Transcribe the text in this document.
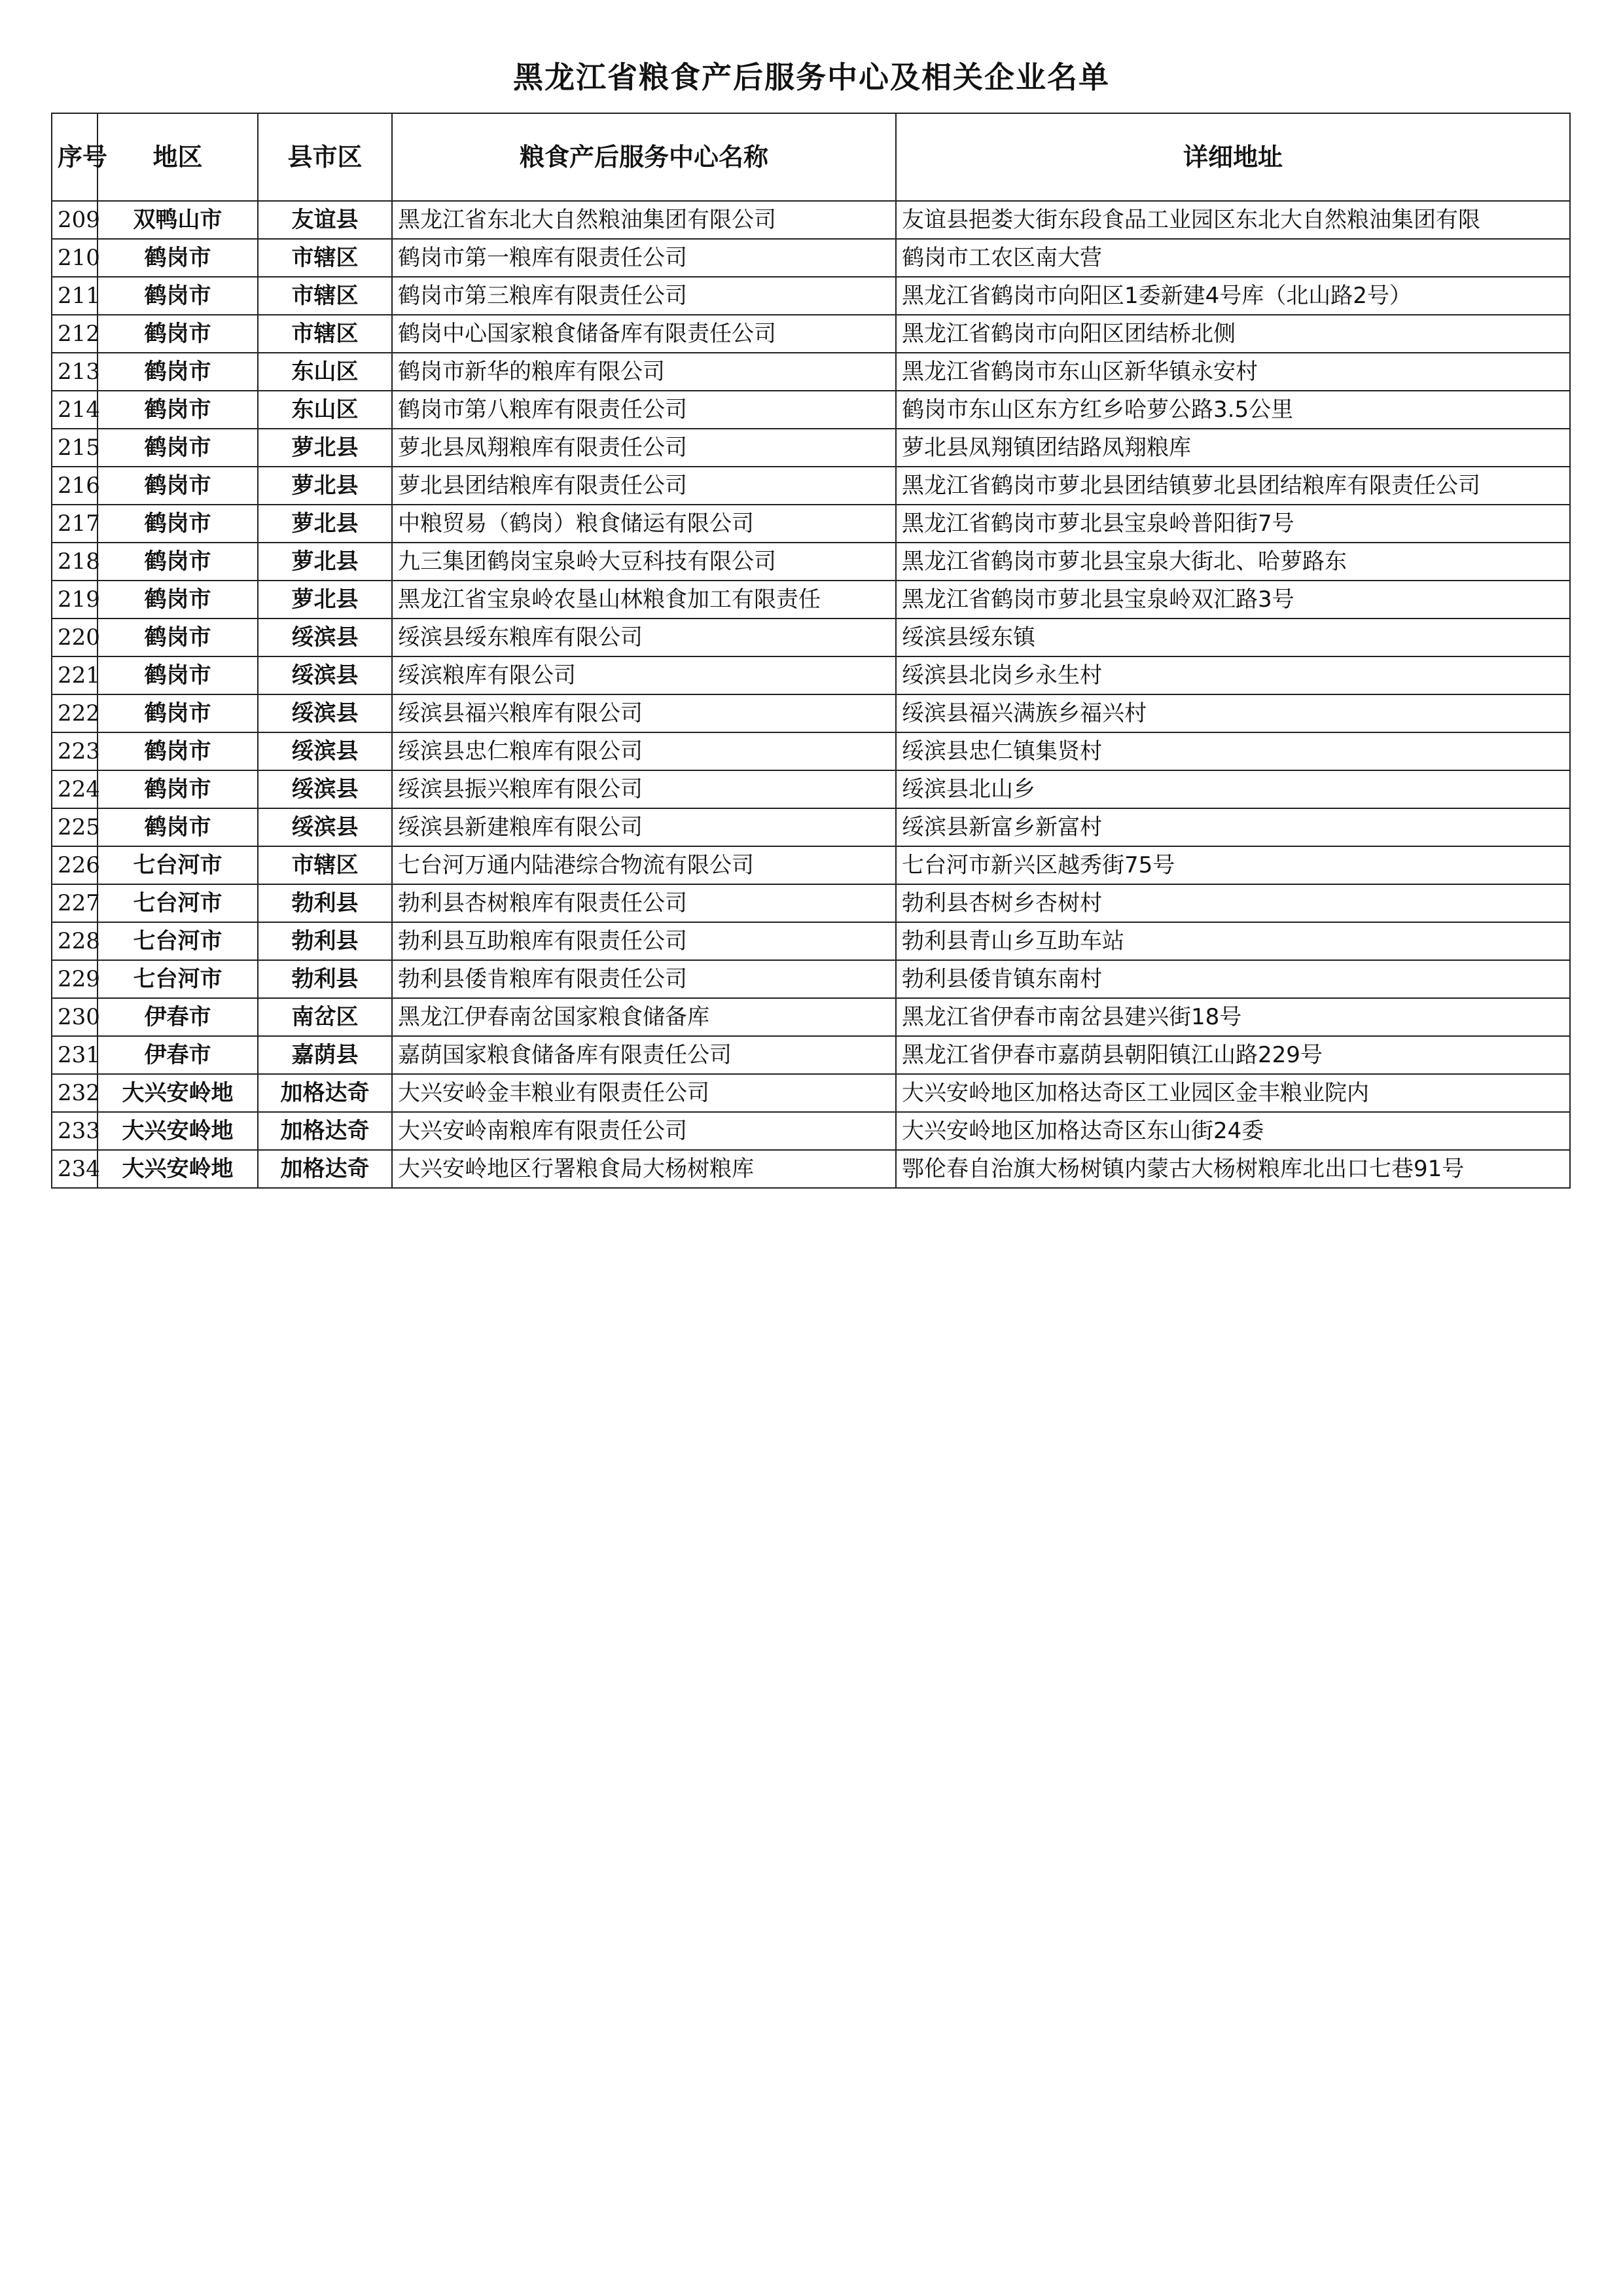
黑龙江省粮食产后服务中心及相关企业名单
序号	地区	县市区	粮食产后服务中心名称	详细地址
209	双鸭山市	友谊县	黑龙江省东北大自然粮油集团有限公司	友谊县挹娄大街东段食品工业园区东北大自然粮油集团有限
210	鹤岗市	市辖区	鹤岗市第一粮库有限责任公司	鹤岗市工农区南大营
211	鹤岗市	市辖区	鹤岗市第三粮库有限责任公司	黑龙江省鹤岗市向阳区1委新建4号库（北山路2号）
212	鹤岗市	市辖区	鹤岗中心国家粮食储备库有限责任公司	黑龙江省鹤岗市向阳区团结桥北侧
213	鹤岗市	东山区	鹤岗市新华的粮库有限公司	黑龙江省鹤岗市东山区新华镇永安村
214	鹤岗市	东山区	鹤岗市第八粮库有限责任公司	鹤岗市东山区东方红乡哈萝公路3.5公里
215	鹤岗市	萝北县	萝北县凤翔粮库有限责任公司	萝北县凤翔镇团结路凤翔粮库
216	鹤岗市	萝北县	萝北县团结粮库有限责任公司	黑龙江省鹤岗市萝北县团结镇萝北县团结粮库有限责任公司
217	鹤岗市	萝北县	中粮贸易（鹤岗）粮食储运有限公司	黑龙江省鹤岗市萝北县宝泉岭普阳街7号
218	鹤岗市	萝北县	九三集团鹤岗宝泉岭大豆科技有限公司	黑龙江省鹤岗市萝北县宝泉大街北、哈萝路东
219	鹤岗市	萝北县	黑龙江省宝泉岭农垦山林粮食加工有限责任	黑龙江省鹤岗市萝北县宝泉岭双汇路3号
220	鹤岗市	绥滨县	绥滨县绥东粮库有限公司	绥滨县绥东镇
221	鹤岗市	绥滨县	绥滨粮库有限公司	绥滨县北岗乡永生村
222	鹤岗市	绥滨县	绥滨县福兴粮库有限公司	绥滨县福兴满族乡福兴村
223	鹤岗市	绥滨县	绥滨县忠仁粮库有限公司	绥滨县忠仁镇集贤村
224	鹤岗市	绥滨县	绥滨县振兴粮库有限公司	绥滨县北山乡
225	鹤岗市	绥滨县	绥滨县新建粮库有限公司	绥滨县新富乡新富村
226	七台河市	市辖区	七台河万通内陆港综合物流有限公司	七台河市新兴区越秀街75号
227	七台河市	勃利县	勃利县杏树粮库有限责任公司	勃利县杏树乡杏树村
228	七台河市	勃利县	勃利县互助粮库有限责任公司	勃利县青山乡互助车站
229	七台河市	勃利县	勃利县倭肯粮库有限责任公司	勃利县倭肯镇东南村
230	伊春市	南岔区	黑龙江伊春南岔国家粮食储备库	黑龙江省伊春市南岔县建兴街18号
231	伊春市	嘉荫县	嘉荫国家粮食储备库有限责任公司	黑龙江省伊春市嘉荫县朝阳镇江山路229号
232	大兴安岭地	加格达奇	大兴安岭金丰粮业有限责任公司	大兴安岭地区加格达奇区工业园区金丰粮业院内
233	大兴安岭地	加格达奇	大兴安岭南粮库有限责任公司	大兴安岭地区加格达奇区东山街24委
234	大兴安岭地	加格达奇	大兴安岭地区行署粮食局大杨树粮库	鄂伦春自治旗大杨树镇内蒙古大杨树粮库北出口七巷91号
